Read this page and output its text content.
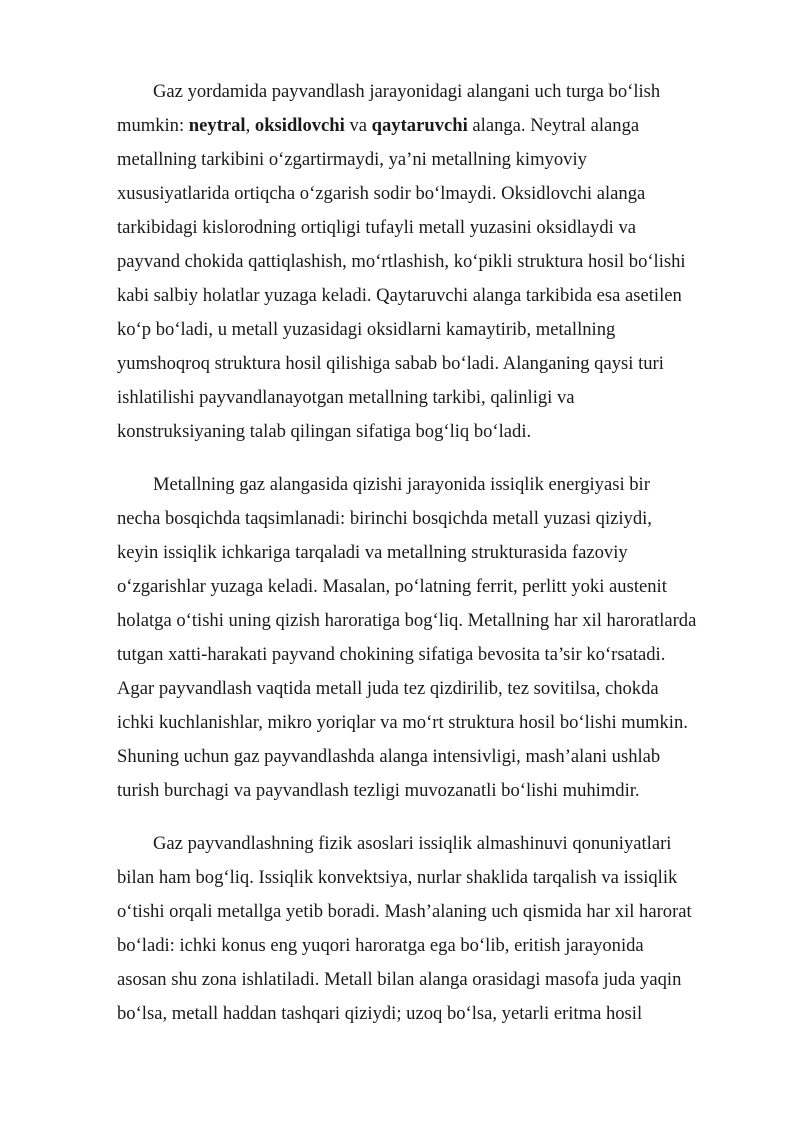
Gaz yordamida payvandlash jarayonidagi alangani uch turga bo‘lish
mumkin: neytral, oksidlovchi va qaytaruvchi alanga. Neytral alanga
metallning tarkibini o‘zgartirmaydi, ya’ni metallning kimyoviy
xususiyatlarida ortiqcha o‘zgarish sodir bo‘lmaydi. Oksidlovchi alanga
tarkibidagi kislorodning ortiqligi tufayli metall yuzasini oksidlaydi va
payvand chokida qattiqlashish, mo‘rtlashish, ko‘pikli struktura hosil bo‘lishi
kabi salbiy holatlar yuzaga keladi. Qaytaruvchi alanga tarkibida esa asetilen
ko‘p bo‘ladi, u metall yuzasidagi oksidlarni kamaytirib, metallning
yumshoqroq struktura hosil qilishiga sabab bo‘ladi. Alanganing qaysi turi
ishlatilishi payvandlanayotgan metallning tarkibi, qalinligi va
konstruksiyaning talab qilingan sifatiga bog‘liq bo‘ladi.

Metallning gaz alangasida qizishi jarayonida issiqlik energiyasi bir
necha bosqichda taqsimlanadi: birinchi bosqichda metall yuzasi qiziydi,
keyin issiqlik ichkariga tarqaladi va metallning strukturasida fazoviy
o‘zgarishlar yuzaga keladi. Masalan, po‘latning ferrit, perlitt yoki austenit
holatga o‘tishi uning qizish haroratiga bog‘liq. Metallning har xil haroratlarda
tutgan xatti-harakati payvand chokining sifatiga bevosita ta’sir ko‘rsatadi.
Agar payvandlash vaqtida metall juda tez qizdirilib, tez sovitilsa, chokda
ichki kuchlanishlar, mikro yoriqlar va mo‘rt struktura hosil bo‘lishi mumkin.
Shuning uchun gaz payvandlashda alanga intensivligi, mash’alani ushlab
turish burchagi va payvandlash tezligi muvozanatli bo‘lishi muhimdir.

Gaz payvandlashning fizik asoslari issiqlik almashinuvi qonuniyatlari
bilan ham bog‘liq. Issiqlik konvektsiya, nurlar shaklida tarqalish va issiqlik
o‘tishi orqali metallga yetib boradi. Mash’alaning uch qismida har xil harorat
bo‘ladi: ichki konus eng yuqori haroratga ega bo‘lib, eritish jarayonida
asosan shu zona ishlatiladi. Metall bilan alanga orasidagi masofa juda yaqin
bo‘lsa, metall haddan tashqari qiziydi; uzoq bo‘lsa, yetarli eritma hosil
